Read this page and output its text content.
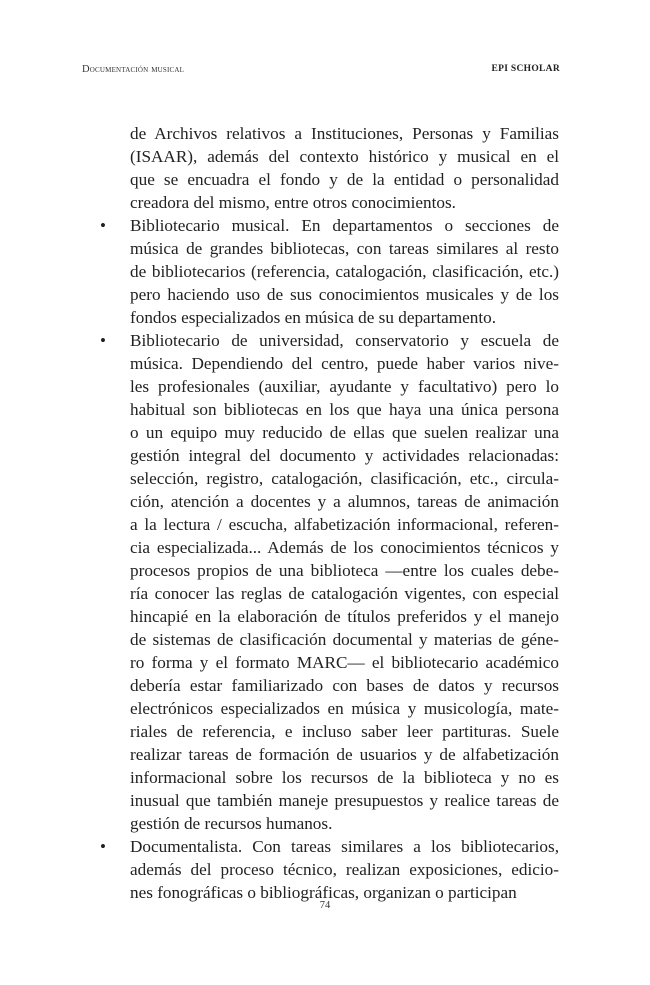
Documentación musical	EPI SCHOLAR
de Archivos relativos a Instituciones, Personas y Familias
(ISAAR), además del contexto histórico y musical en el
que se encuadra el fondo y de la entidad o personalidad
creadora del mismo, entre otros conocimientos.
• Bibliotecario musical. En departamentos o secciones de
música de grandes bibliotecas, con tareas similares al resto
de bibliotecarios (referencia, catalogación, clasificación, etc.)
pero haciendo uso de sus conocimientos musicales y de los
fondos especializados en música de su departamento.
• Bibliotecario de universidad, conservatorio y escuela de
música. Dependiendo del centro, puede haber varios nive-
les profesionales (auxiliar, ayudante y facultativo) pero lo
habitual son bibliotecas en los que haya una única persona
o un equipo muy reducido de ellas que suelen realizar una
gestión integral del documento y actividades relacionadas:
selección, registro, catalogación, clasificación, etc., circula-
ción, atención a docentes y a alumnos, tareas de animación
a la lectura / escucha, alfabetización informacional, referen-
cia especializada... Además de los conocimientos técnicos y
procesos propios de una biblioteca —entre los cuales debe-
ría conocer las reglas de catalogación vigentes, con especial
hincapié en la elaboración de títulos preferidos y el manejo
de sistemas de clasificación documental y materias de géne-
ro forma y el formato MARC— el bibliotecario académico
debería estar familiarizado con bases de datos y recursos
electrónicos especializados en música y musicología, mate-
riales de referencia, e incluso saber leer partituras. Suele
realizar tareas de formación de usuarios y de alfabetización
informacional sobre los recursos de la biblioteca y no es
inusual que también maneje presupuestos y realice tareas de
gestión de recursos humanos.
• Documentalista. Con tareas similares a los bibliotecarios,
además del proceso técnico, realizan exposiciones, edicio-
nes fonográficas o bibliográficas, organizan o participan
74
